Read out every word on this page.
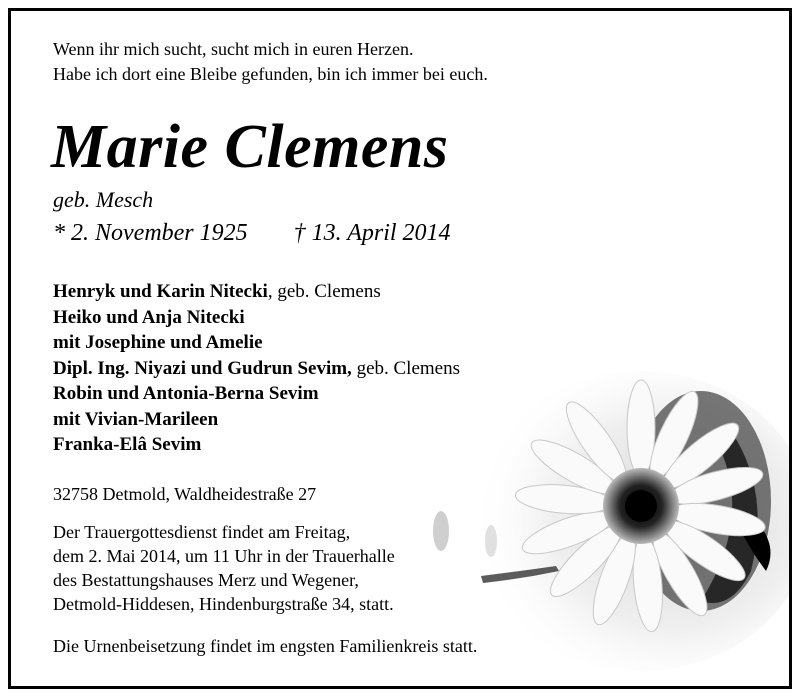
Wenn ihr mich sucht, sucht mich in euren Herzen.
Habe ich dort eine Bleibe gefunden, bin ich immer bei euch.
Marie Clemens
geb. Mesch
* 2. November 1925 † 13. April 2014
Henryk und Karin Nitecki, geb. Clemens
Heiko und Anja Nitecki
mit Josephine und Amelie
Dipl. Ing. Niyazi und Gudrun Sevim, geb. Clemens
Robin und Antonia-Berna Sevim
mit Vivian-Marileen
Franka-Elâ Sevim
32758 Detmold, Waldheidestraße 27
Der Trauergottesdienst findet am Freitag,
dem 2. Mai 2014, um 11 Uhr in der Trauerhalle
des Bestattungshauses Merz und Wegener,
Detmold-Hiddesen, Hindenburgstraße 34, statt.
Die Urnenbeisetzung findet im engsten Familienkreis statt.
